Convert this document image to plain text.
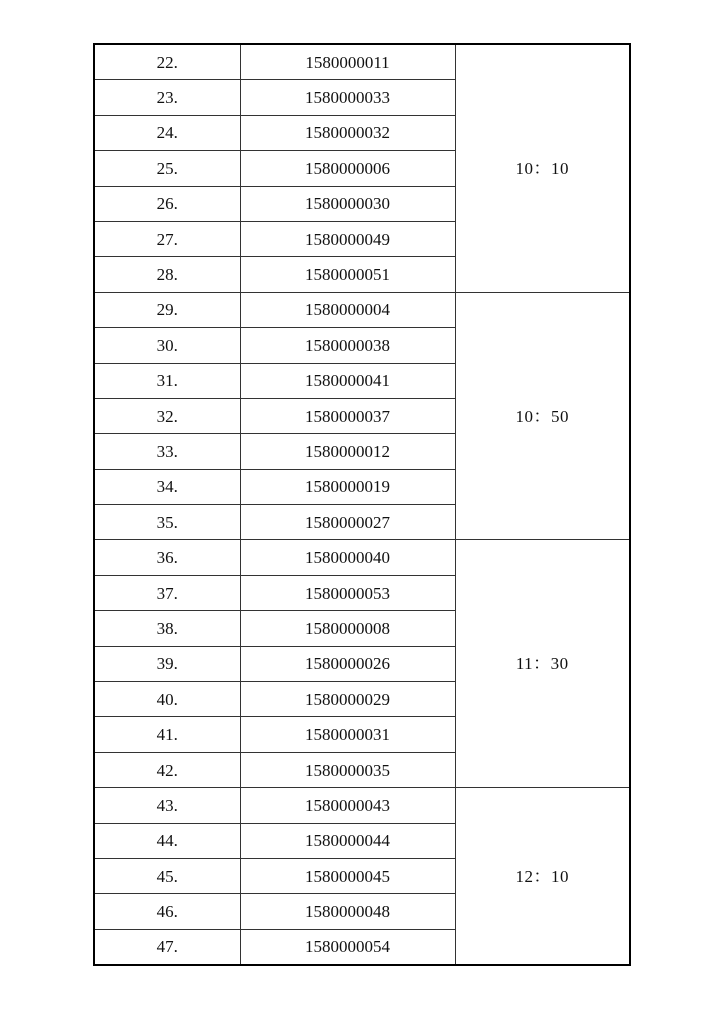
22.	1580000011	10：10
23.	1580000033	
24.	1580000032	
25.	1580000006	
26.	1580000030	
27.	1580000049	
28.	1580000051	
29.	1580000004	10：50
30.	1580000038	
31.	1580000041	
32.	1580000037	
33.	1580000012	
34.	1580000019	
35.	1580000027	
36.	1580000040	11：30
37.	1580000053	
38.	1580000008	
39.	1580000026	
40.	1580000029	
41.	1580000031	
42.	1580000035	
43.	1580000043	12：10
44.	1580000044	
45.	1580000045	
46.	1580000048	
47.	1580000054	
